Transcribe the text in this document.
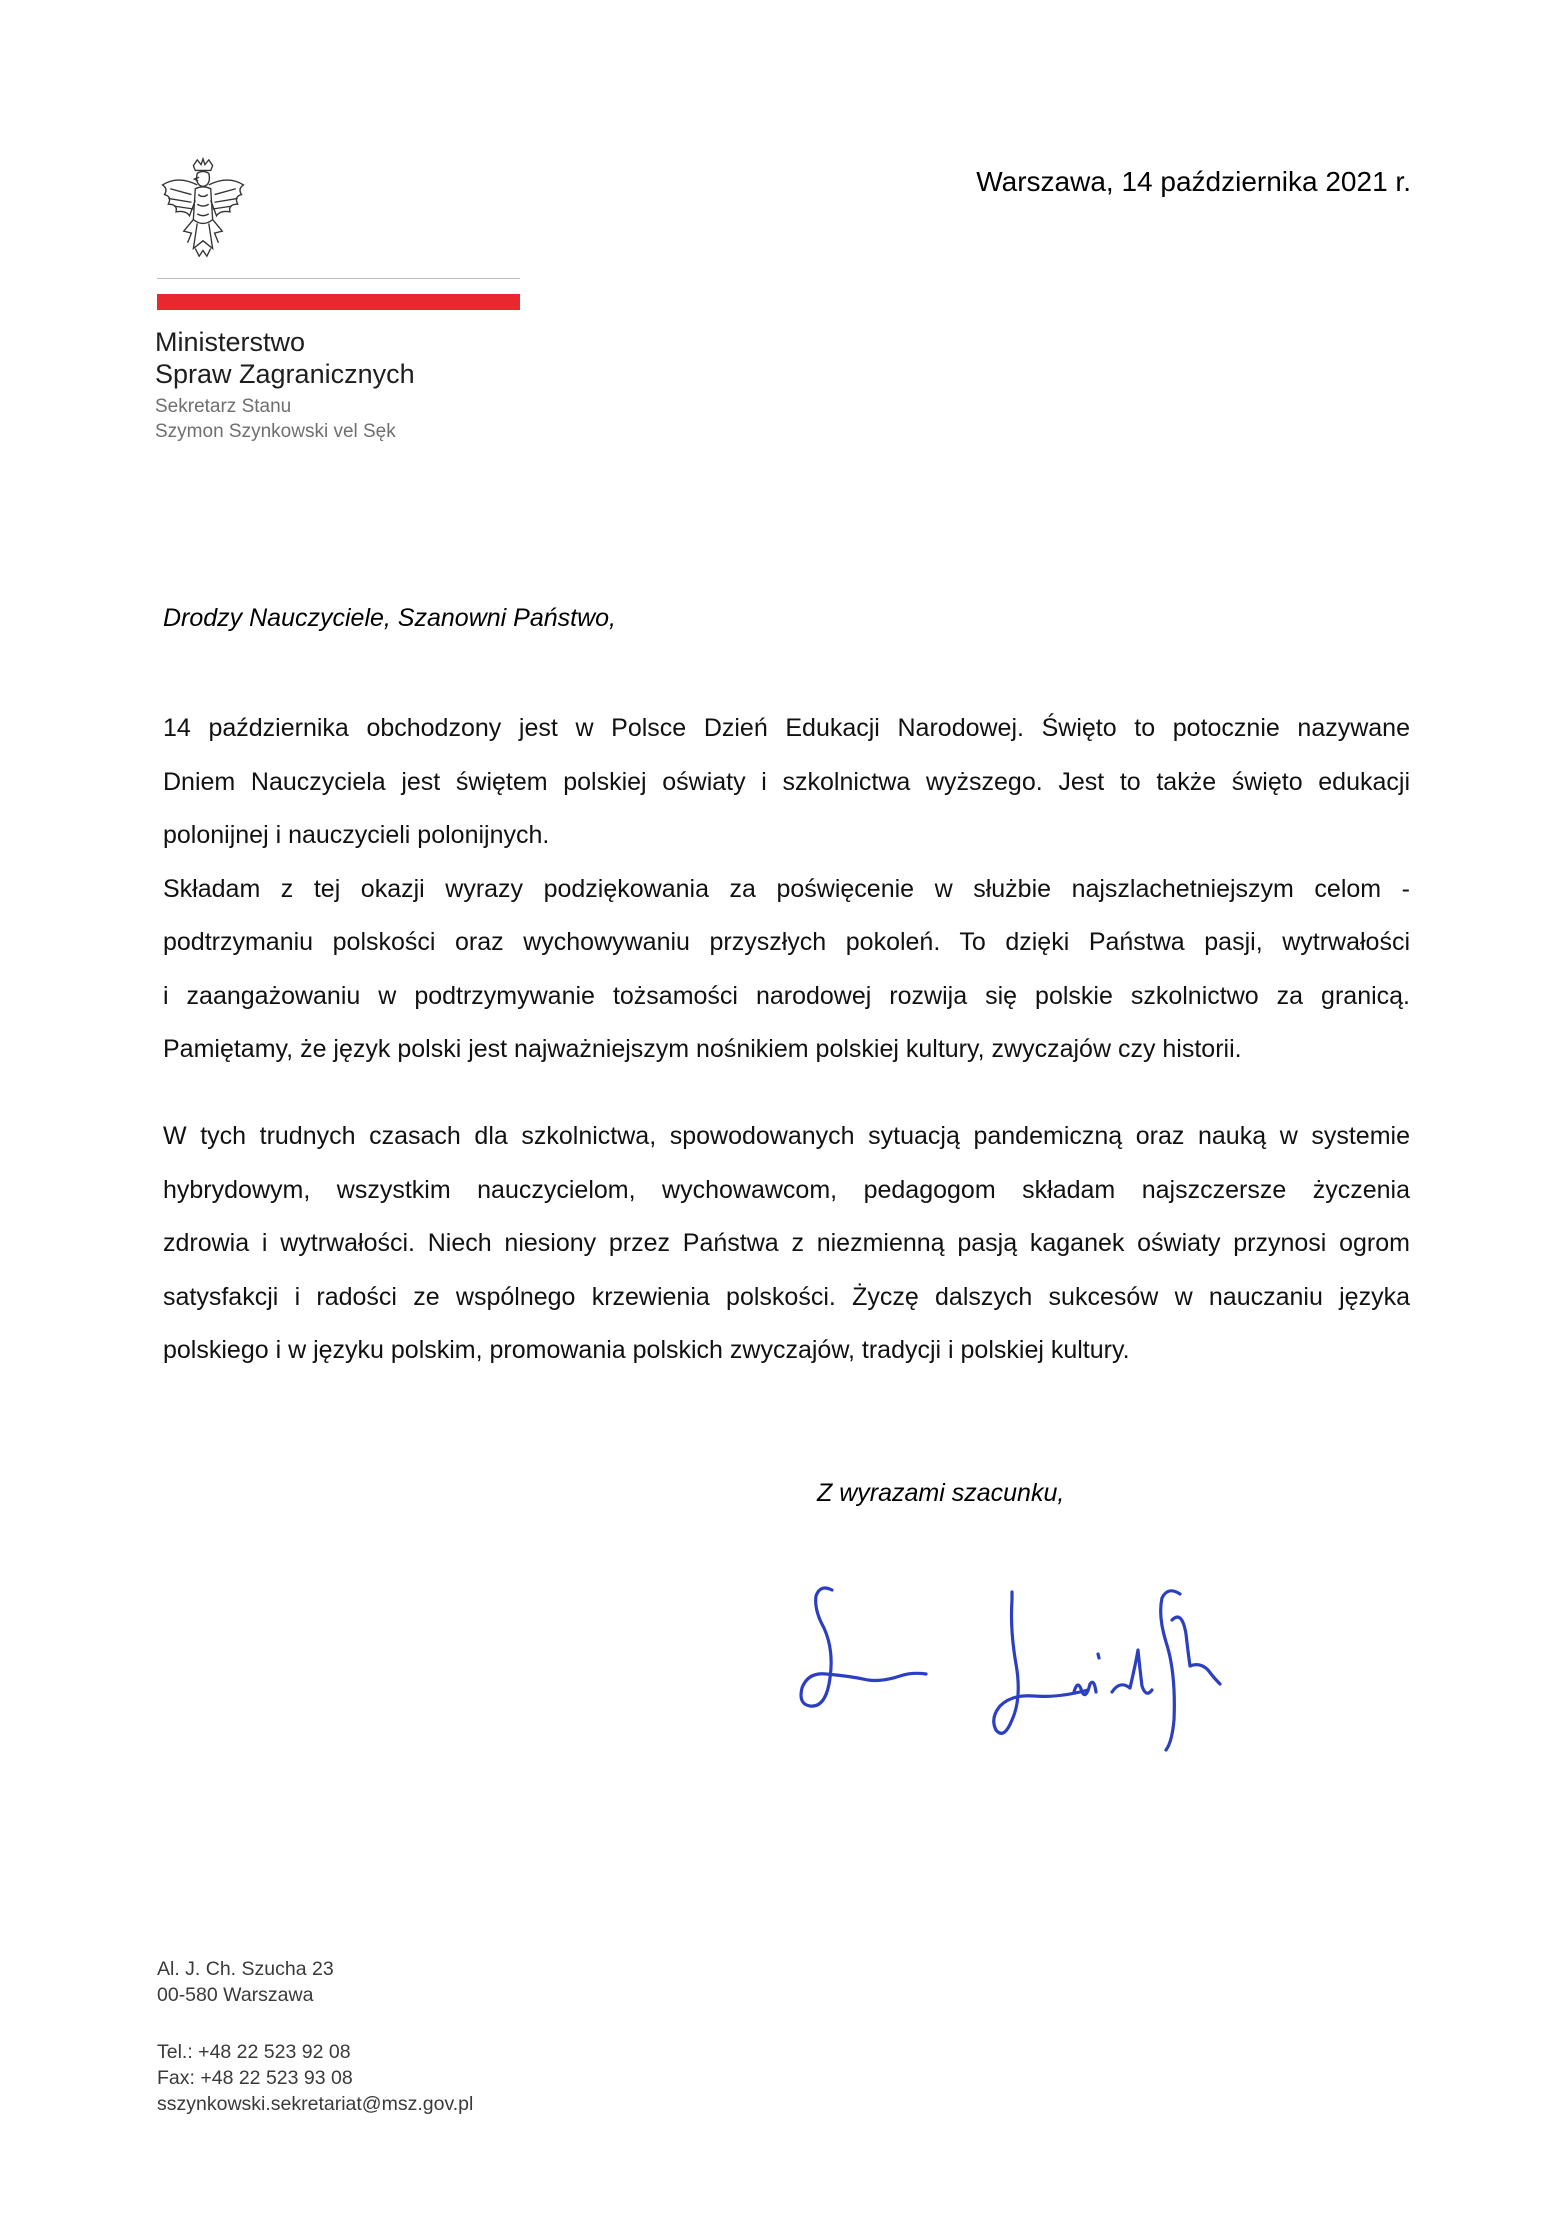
Ministerstwo
Spraw Zagranicznych
Sekretarz Stanu
Szymon Szynkowski vel Sęk
Warszawa, 14 października 2021 r.
Drodzy Nauczyciele, Szanowni Państwo,
14 października obchodzony jest w Polsce Dzień Edukacji Narodowej. Święto to potocznie nazywane
Dniem Nauczyciela jest świętem polskiej oświaty i szkolnictwa wyższego. Jest to także święto edukacji
polonijnej i nauczycieli polonijnych.
Składam z tej okazji wyrazy podziękowania za poświęcenie w służbie najszlachetniejszym celom -
podtrzymaniu polskości oraz wychowywaniu przyszłych pokoleń. To dzięki Państwa pasji, wytrwałości
i zaangażowaniu w podtrzymywanie tożsamości narodowej rozwija się polskie szkolnictwo za granicą.
Pamiętamy, że język polski jest najważniejszym nośnikiem polskiej kultury, zwyczajów czy historii.
W tych trudnych czasach dla szkolnictwa, spowodowanych sytuacją pandemiczną oraz nauką w systemie
hybrydowym, wszystkim nauczycielom, wychowawcom, pedagogom składam najszczersze życzenia
zdrowia i wytrwałości. Niech niesiony przez Państwa z niezmienną pasją kaganek oświaty przynosi ogrom
satysfakcji i radości ze wspólnego krzewienia polskości. Życzę dalszych sukcesów w nauczaniu języka
polskiego i w języku polskim, promowania polskich zwyczajów, tradycji i polskiej kultury.
Z wyrazami szacunku,
Al. J. Ch. Szucha 23
00-580 Warszawa
Tel.: +48 22 523 92 08
Fax: +48 22 523 93 08
sszynkowski.sekretariat@msz.gov.pl
